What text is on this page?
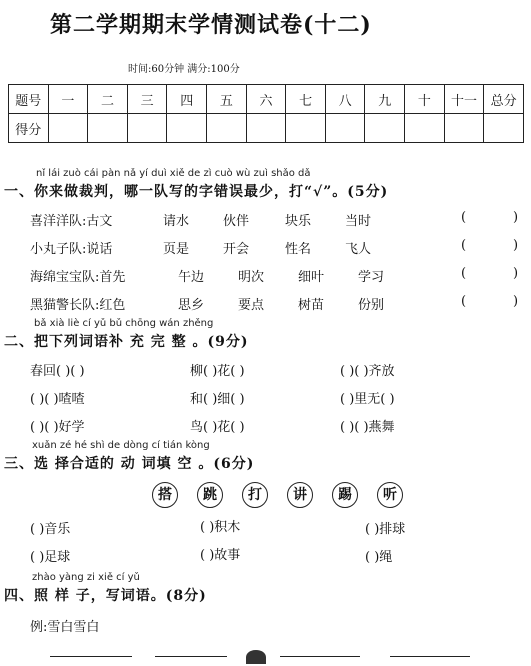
第二学期期末学情测试卷(十二)
时间:60分钟 满分:100分
题号	一	二	三	四	五	六	七	八	九	十	十一	总分
得分												
nǐ lái zuò cái pàn nǎ yí duì xiě de zì cuò wù zuì shǎo dǎ
一、你来做裁判，哪一队写的字错误最少，打“√”。(5分)
喜洋洋队:古文	请水	伙伴	块乐	当时	(	)
小丸子队:说话	页是	开会	性名	飞人	(	)
海绵宝宝队:首先	午边	明次	细叶	学习	(	)
黑猫警长队:红色	思乡	要点	树苗	份别	(	)
bǎ xià liè cí yǔ bǔ chōng wán zhěng
二、把下列词语补 充 完 整 。(9分)
春回( )( )	柳( )花( )	( )( )齐放
( )( )喳喳	和( )细( )	( )里无( )
( )( )好学	鸟( )花( )	( )( )燕舞
xuǎn zé hé shì de dòng cí tián kòng
三、选 择合适的 动 词填 空 。(6分)
搭	跳	打	讲	踢	听
( )音乐	( )积木	( )排球
( )足球	( )故事	( )绳
zhào yàng zi xiě cí yǔ
四、照 样 子，写词语。(8分)
例:雪白雪白
